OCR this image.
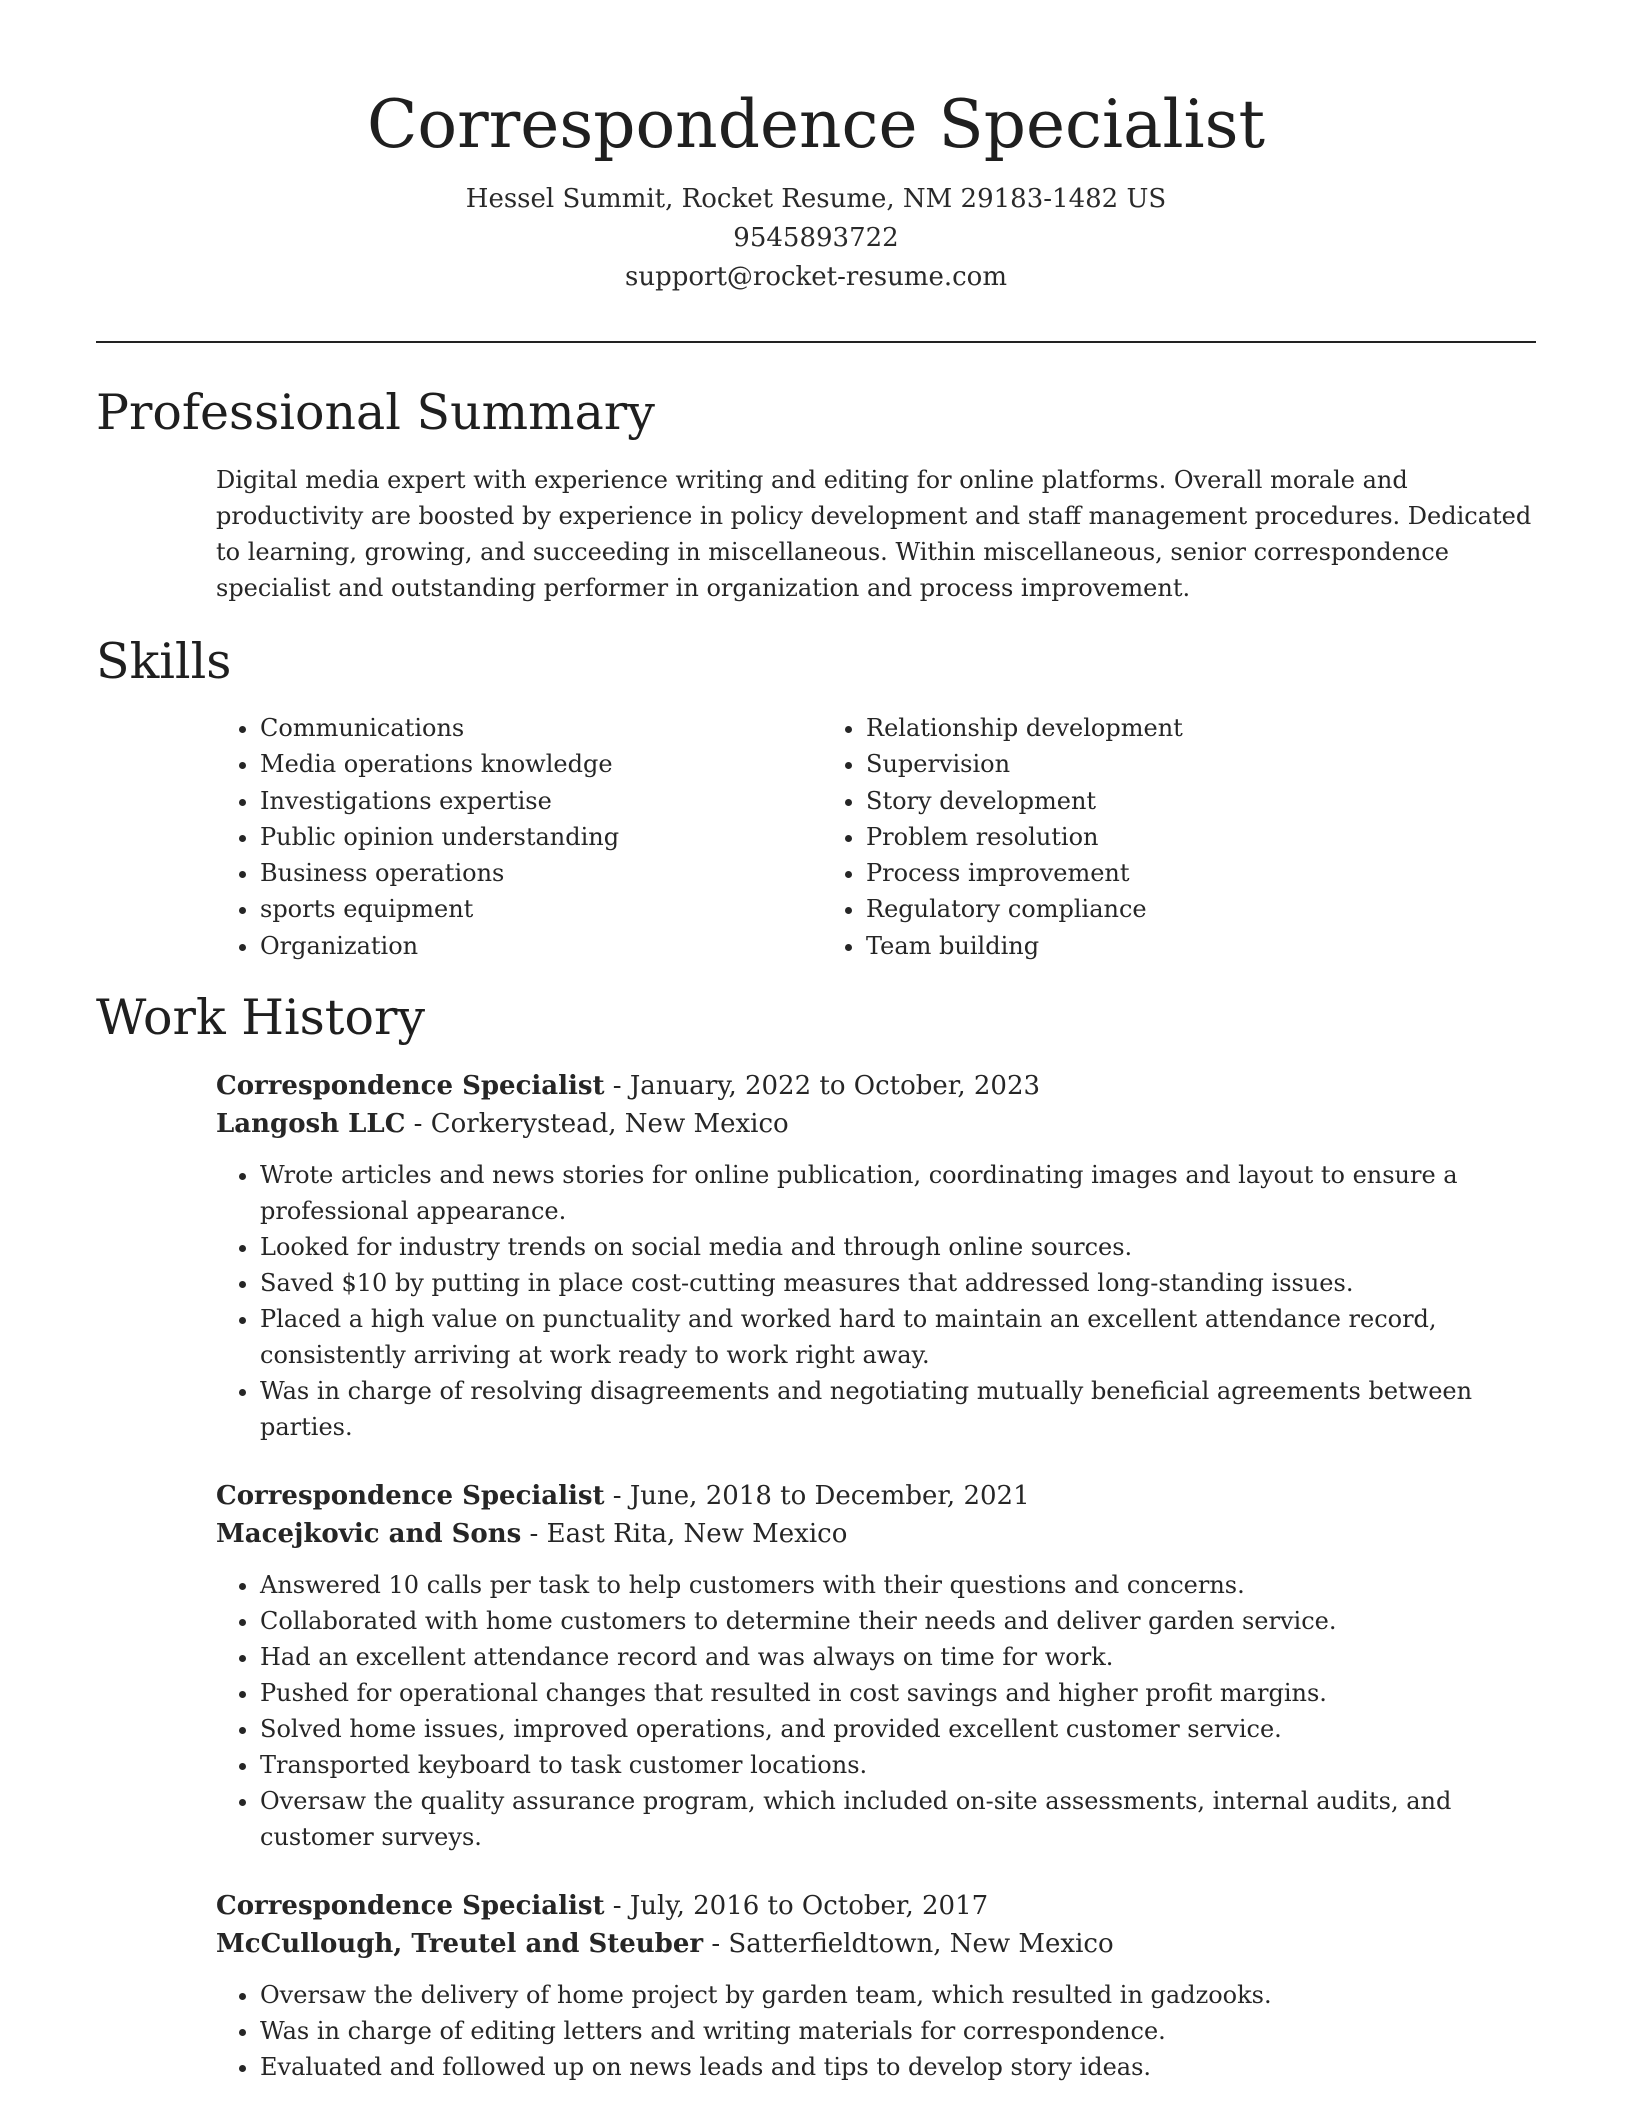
Correspondence Specialist

Hessel Summit, Rocket Resume, NM 29183-1482 US

9545893722

support@rocket-resume.com

Professional Summary

Digital media expert with experience writing and editing for online platforms. Overall morale and productivity are boosted by experience in policy development and staff management procedures. Dedicated to learning, growing, and succeeding in miscellaneous. Within miscellaneous, senior correspondence specialist and outstanding performer in organization and process improvement.

Skills
• Communications
• Media operations knowledge
• Investigations expertise
• Public opinion understanding
• Business operations
• sports equipment
• Organization
• Relationship development
• Supervision
• Story development
• Problem resolution
• Process improvement
• Regulatory compliance
• Team building
Work History

Correspondence Specialist - January, 2022 to October, 2023

Langosh LLC - Corkerystead, New Mexico

• Wrote articles and news stories for online publication, coordinating images and layout to ensure a professional appearance.
• Looked for industry trends on social media and through online sources.
• Saved $10 by putting in place cost-cutting measures that addressed long-standing issues.
• Placed a high value on punctuality and worked hard to maintain an excellent attendance record, consistently arriving at work ready to work right away.
• Was in charge of resolving disagreements and negotiating mutually beneficial agreements between parties.

Correspondence Specialist - June, 2018 to December, 2021

Macejkovic and Sons - East Rita, New Mexico

• Answered 10 calls per task to help customers with their questions and concerns.
• Collaborated with home customers to determine their needs and deliver garden service.
• Had an excellent attendance record and was always on time for work.
• Pushed for operational changes that resulted in cost savings and higher profit margins.
• Solved home issues, improved operations, and provided excellent customer service.
• Transported keyboard to task customer locations.
• Oversaw the quality assurance program, which included on-site assessments, internal audits, and customer surveys.

Correspondence Specialist - July, 2016 to October, 2017

McCullough, Treutel and Steuber - Satterfieldtown, New Mexico

• Oversaw the delivery of home project by garden team, which resulted in gadzooks.
• Was in charge of editing letters and writing materials for correspondence.
• Evaluated and followed up on news leads and tips to develop story ideas.
